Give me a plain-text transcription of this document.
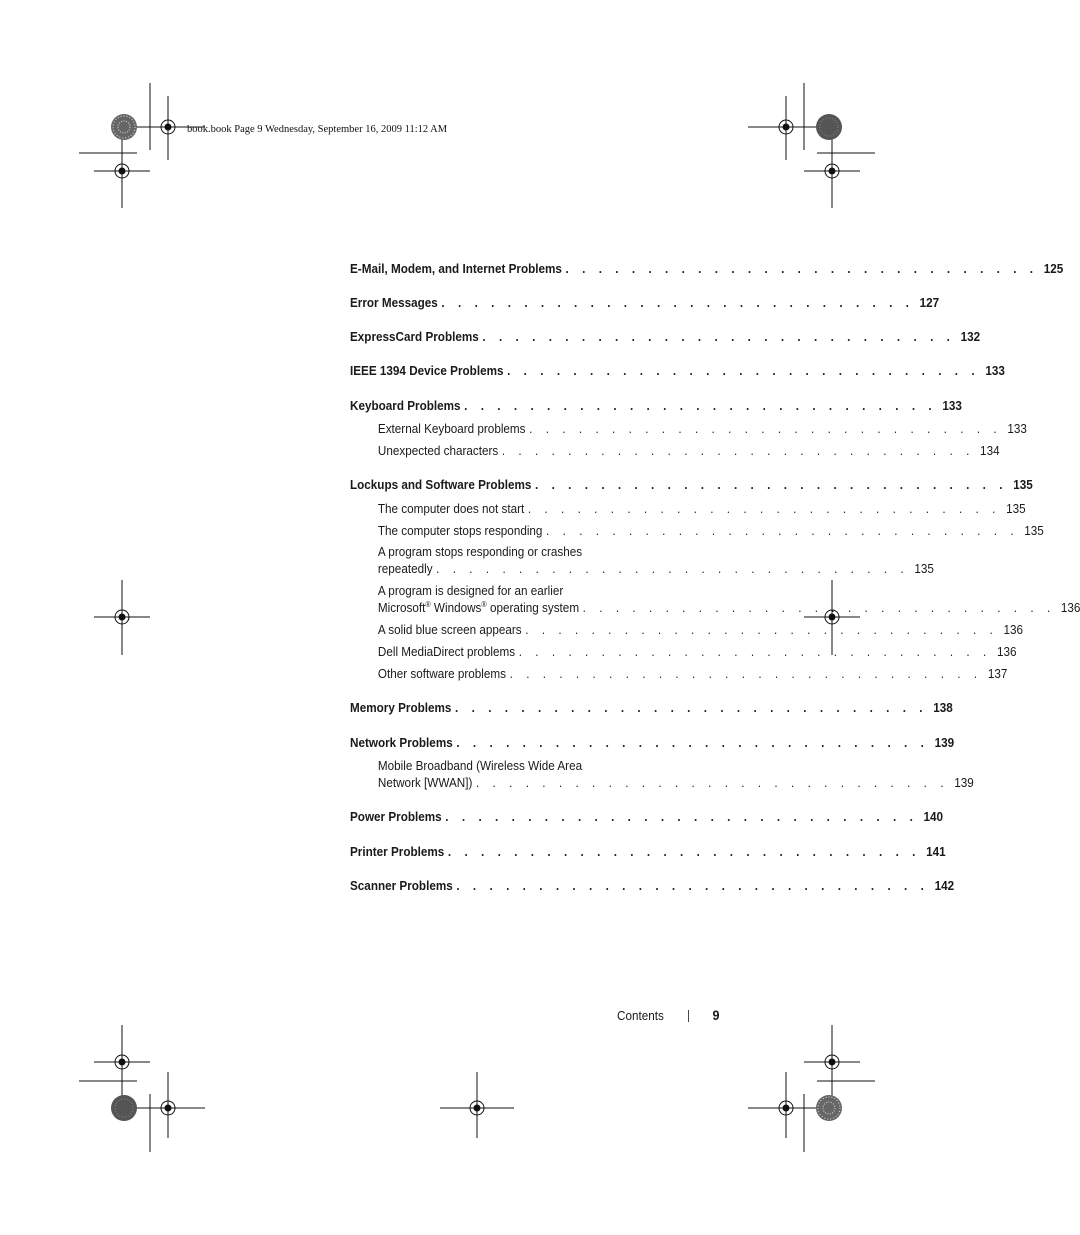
book.book Page 9 Wednesday, September 16, 2009 11:12 AM
E-Mail, Modem, and Internet Problems . . . . . . . . . . . . . . . . . . . . . . . . . . . . . 125
Error Messages . . . . . . . . . . . . . . . . . . . . . . . . . . . . . 127
ExpressCard Problems . . . . . . . . . . . . . . . . . . . . . . . . . . . . . 132
IEEE 1394 Device Problems . . . . . . . . . . . . . . . . . . . . . . . . . . . . . 133
Keyboard Problems . . . . . . . . . . . . . . . . . . . . . . . . . . . . . 133
External Keyboard problems . . . . . . . . . . . . . . . . . . . . . . . . . . . . . 133
Unexpected characters . . . . . . . . . . . . . . . . . . . . . . . . . . . . . 134
Lockups and Software Problems . . . . . . . . . . . . . . . . . . . . . . . . . . . . . 135
The computer does not start . . . . . . . . . . . . . . . . . . . . . . . . . . . . . 135
The computer stops responding . . . . . . . . . . . . . . . . . . . . . . . . . . . . . 135
A program stops responding or crashes
repeatedly . . . . . . . . . . . . . . . . . . . . . . . . . . . . . 135
A program is designed for an earlier
Microsoft® Windows® operating system . . . . . . . . . . . . . . . . . . . . . . . . . . . . . 136
A solid blue screen appears . . . . . . . . . . . . . . . . . . . . . . . . . . . . . 136
Dell MediaDirect problems . . . . . . . . . . . . . . . . . . . . . . . . . . . . . 136
Other software problems . . . . . . . . . . . . . . . . . . . . . . . . . . . . . 137
Memory Problems . . . . . . . . . . . . . . . . . . . . . . . . . . . . . 138
Network Problems . . . . . . . . . . . . . . . . . . . . . . . . . . . . . 139
Mobile Broadband (Wireless Wide Area
Network [WWAN]) . . . . . . . . . . . . . . . . . . . . . . . . . . . . . 139
Power Problems . . . . . . . . . . . . . . . . . . . . . . . . . . . . . 140
Printer Problems . . . . . . . . . . . . . . . . . . . . . . . . . . . . . 141
Scanner Problems . . . . . . . . . . . . . . . . . . . . . . . . . . . . . 142
Contents	9
